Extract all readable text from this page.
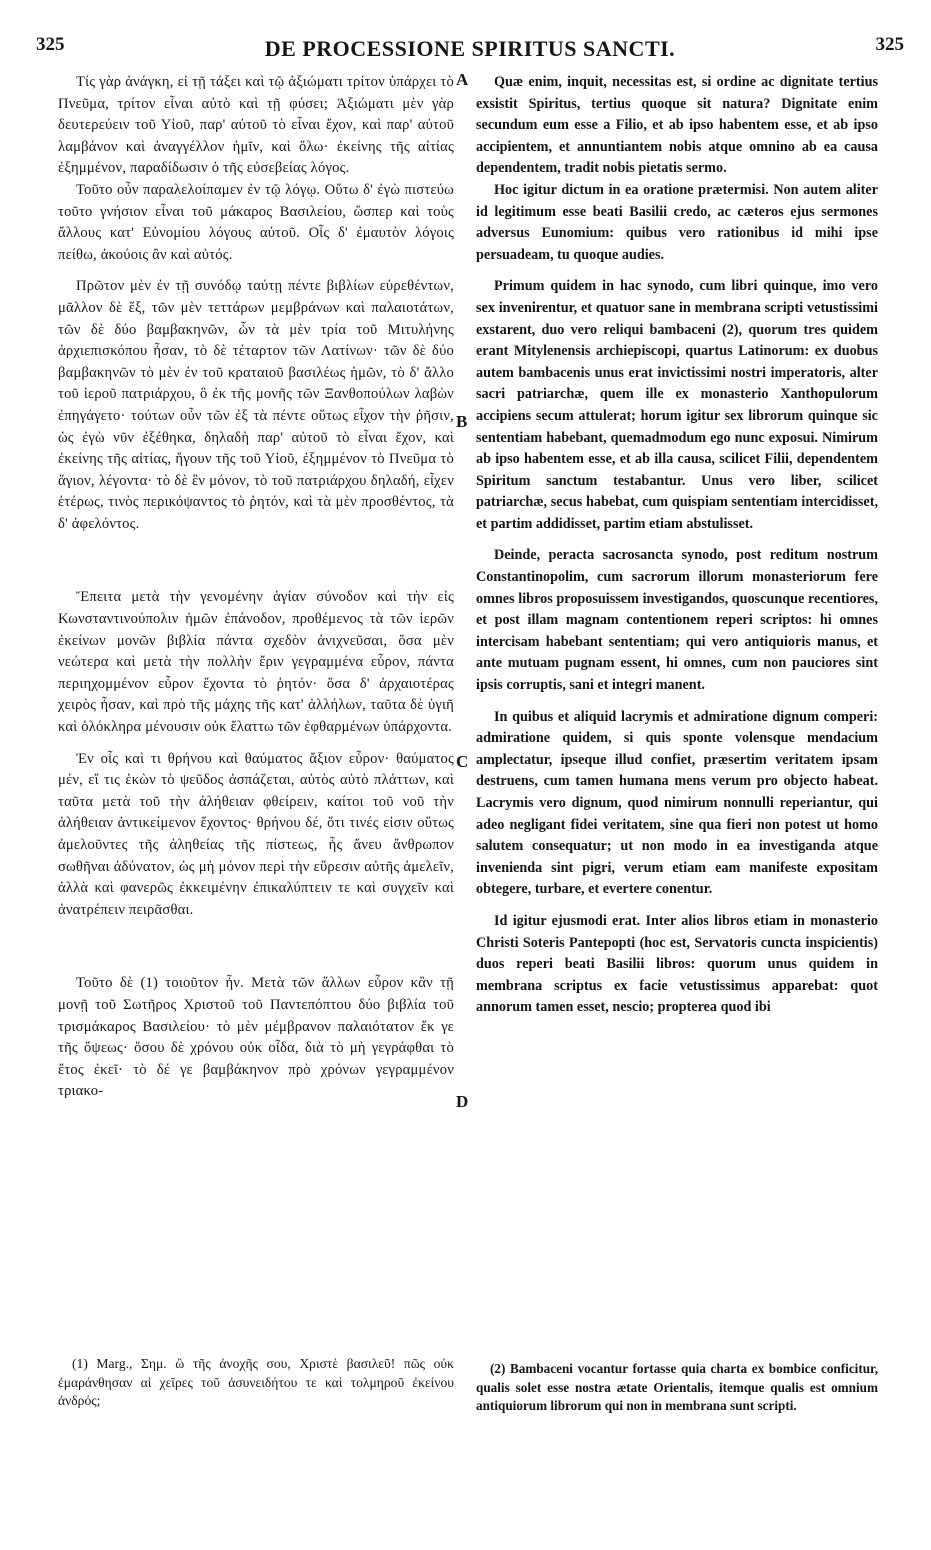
325	DE PROCESSIONE SPIRITUS SANCTI.	325
A
B
C
D

Τίς γὰρ ἀνάγκη, εἰ τῇ τάξει καὶ τῷ ἀξιώματι τρίτον ὑπάρχει τὸ Πνεῦμα, τρίτον εἶναι αὐτὸ καὶ τῇ φύσει; Ἀξιώματι μὲν γὰρ δευτερεύειν τοῦ Υἱοῦ, παρ' αὐτοῦ τὸ εἶναι ἔχον, καὶ παρ' αὐτοῦ λαμβάνον καὶ ἀναγγέλλον ἡμῖν, καὶ ὅλω· ἐκείνης τῆς αἰτίας ἐξημμένον, παραδίδωσιν ὁ τῆς εὐσεβείας λόγος.

Τοῦτο οὖν παραλελοίπαμεν ἐν τῷ λόγῳ. Οὕτω δ' ἐγὼ πιστεύω τοῦτο γνήσιον εἶναι τοῦ μάκαρος Βασιλείου, ὥσπερ καὶ τοὺς ἄλλους κατ' Εὐνομίου λόγους αὐτοῦ. Οἷς δ' ἐμαυτὸν λόγοις πείθω, ἀκούοις ἂν καὶ αὐτός.

Πρῶτον μὲν ἐν τῇ συνόδῳ ταύτῃ πέντε βιβλίων εὑρεθέντων, μᾶλλον δὲ ἕξ, τῶν μὲν τεττάρων μεμβράνων καὶ παλαιοτάτων, τῶν δὲ δύο βαμβακηνῶν, ὧν τὰ μὲν τρία τοῦ Μιτυλήνης ἀρχιεπισκόπου ἦσαν, τὸ δὲ τέταρτον τῶν Λατίνων· τῶν δὲ δύο βαμβακηνῶν τὸ μὲν ἐν τοῦ κραταιοῦ βασιλέως ἡμῶν, τὸ δ' ἄλλο τοῦ ἱεροῦ πατριάρχου, ὃ ἐκ τῆς μονῆς τῶν Ξανθοπούλων λαβὼν ἐπηγάγετο· τούτων οὖν τῶν ἐξ τὰ πέντε οὕτως εἶχον τὴν ῥῆσιν, ὡς ἐγὼ νῦν ἐξέθηκα, δηλαδὴ παρ' αὐτοῦ τὸ εἶναι ἔχον, καὶ ἐκείνης τῆς αἰτίας, ἤγουν τῆς τοῦ Υἱοῦ, ἐξημμένον τὸ Πνεῦμα τὸ ἅγιον, λέγοντα· τὸ δὲ ἓν μόνον, τὸ τοῦ πατριάρχου δηλαδή, εἶχεν ἑτέρως, τινὸς περικόψαντος τὸ ῥητόν, καὶ τὰ μὲν προσθέντος, τὰ δ' ἀφελόντος.

Ἔπειτα μετὰ τὴν γενομένην ἁγίαν σύνοδον καὶ τὴν εἰς Κωνσταντινούπολιν ἡμῶν ἐπάνοδον, προθέμενος τὰ τῶν ἱερῶν ἐκείνων μονῶν βιβλία πάντα σχεδὸν ἀνιχνεῦσαι, ὅσα μὲν νεώτερα καὶ μετὰ τὴν πολλὴν ἔριν γεγραμμένα εὗρον, πάντα περιηχομμένον εὗρον ἔχοντα τὸ ῥητόν· ὅσα δ' ἀρχαιοτέρας χειρὸς ἦσαν, καὶ πρὸ τῆς μάχης τῆς κατ' ἀλλήλων, ταῦτα δὲ ὑγιῆ καὶ ὁλόκληρα μένουσιν οὐκ ἔλαττω τῶν ἐφθαρμένων ὑπάρχοντα.

Ἐν οἷς καὶ τι θρήνου καὶ θαύματος ἄξιον εὗρον· θαύματος μέν, εἴ τις ἑκὼν τὸ ψεῦδος ἀσπάζεται, αὐτὸς αὐτὸ πλάττων, καὶ ταῦτα μετὰ τοῦ τὴν ἀλήθειαν φθείρειν, καίτοι τοῦ νοῦ τὴν ἀλήθειαν ἀντικείμενον ἔχοντος· θρήνου δέ, ὅτι τινές εἰσιν οὕτως ἀμελοῦντες τῆς ἀληθείας τῆς πίστεως, ἧς ἄνευ ἄνθρωπον σωθῆναι ἀδύνατον, ὡς μὴ μόνον περὶ τὴν εὕρεσιν αὐτῆς ἀμελεῖν, ἀλλὰ καὶ φανερῶς ἐκκειμένην ἐπικαλύπτειν τε καὶ συγχεῖν καὶ ἀνατρέπειν πειρᾶσθαι.

Τοῦτο δὲ (1) τοιοῦτον ἦν. Μετὰ τῶν ἄλλων εὗρον κἂν τῇ μονῇ τοῦ Σωτῆρος Χριστοῦ τοῦ Παντεπόπτου δύο βιβλία τοῦ τρισμάκαρος Βασιλείου· τὸ μὲν μέμβρανον παλαιότατον ἔκ γε τῆς ὄψεως· ὅσου δὲ χρόνου οὐκ οἶδα, διὰ τὸ μὴ γεγράφθαι τὸ ἔτος ἐκεῖ· τὸ δέ γε βαμβάκηνον πρὸ χρόνων γεγραμμένον τριακο-

Quæ enim, inquit, necessitas est, si ordine ac dignitate tertius exsistit Spiritus, tertius quoque sit natura? Dignitate enim secundum eum esse a Filio, et ab ipso habentem esse, et ab ipso accipientem, et annuntiantem nobis atque omnino ab ea causa dependentem, tradit nobis pietatis sermo.

Hoc igitur dictum in ea oratione prætermisi. Non autem aliter id legitimum esse beati Basilii credo, ac cæteros ejus sermones adversus Eunomium: quibus vero rationibus id mihi ipse persuadeam, tu quoque audies.

Primum quidem in hac synodo, cum libri quinque, imo vero sex invenirentur, et quatuor sane in membrana scripti vetustissimi exstarent, duo vero reliqui bambaceni (2), quorum tres quidem erant Mitylenensis archiepiscopi, quartus Latinorum: ex duobus autem bambacenis unus erat invictissimi nostri imperatoris, alter sacri patriarchæ, quem ille ex monasterio Xanthopulorum accipiens secum attulerat; horum igitur sex librorum quinque sic sententiam habebant, quemadmodum ego nunc exposui. Nimirum ab ipso habentem esse, et ab illa causa, scilicet Filii, dependentem Spiritum sanctum testabantur. Unus vero liber, scilicet patriarchæ, secus habebat, cum quispiam sententiam intercidisset, et partim addidisset, partim etiam abstulisset.

Deinde, peracta sacrosancta synodo, post reditum nostrum Constantinopolim, cum sacrorum illorum monasteriorum fere omnes libros proposuissem investigandos, quoscunque recentiores, et post illam magnam contentionem reperi scriptos: hi omnes intercisam habebant sententiam; qui vero antiquioris manus, et ante mutuam pugnam essent, hi omnes, cum non pauciores sint ipsis corruptis, sani et integri manent.

In quibus et aliquid lacrymis et admiratione dignum comperi: admiratione quidem, si quis sponte volensque mendacium amplectatur, ipseque illud confiet, præsertim veritatem ipsam destruens, cum tamen humana mens verum pro objecto habeat. Lacrymis vero dignum, quod nimirum nonnulli reperiantur, qui adeo negligant fidei veritatem, sine qua fieri non potest ut homo salutem consequatur; ut non modo in ea investiganda atque invenienda sint pigri, verum etiam eam manifeste expositam obtegere, turbare, et evertere conentur.

Id igitur ejusmodi erat. Inter alios libros etiam in monasterio Christi Soteris Pantepopti (hoc est, Servatoris cuncta inspicientis) duos reperi beati Basilii libros: quorum unus quidem in membrana scriptus ex facie vetustissimus apparebat: quot annorum tamen esset, nescio; propterea quod ibi

(1) Marg., Σημ. ὢ τῆς ἀνοχῆς σου, Χριστὲ βασιλεῦ! πῶς οὐκ ἐμαράνθησαν αἱ χεῖρες τοῦ ἀσυνειδήτου τε καὶ τολμηροῦ ἐκείνου ἀνδρός;

(2) Bambaceni vocantur fortasse quia charta ex bombice conficitur, qualis solet esse nostra ætate Orientalis, itemque qualis est omnium antiquiorum librorum qui non in membrana sunt scripti.
